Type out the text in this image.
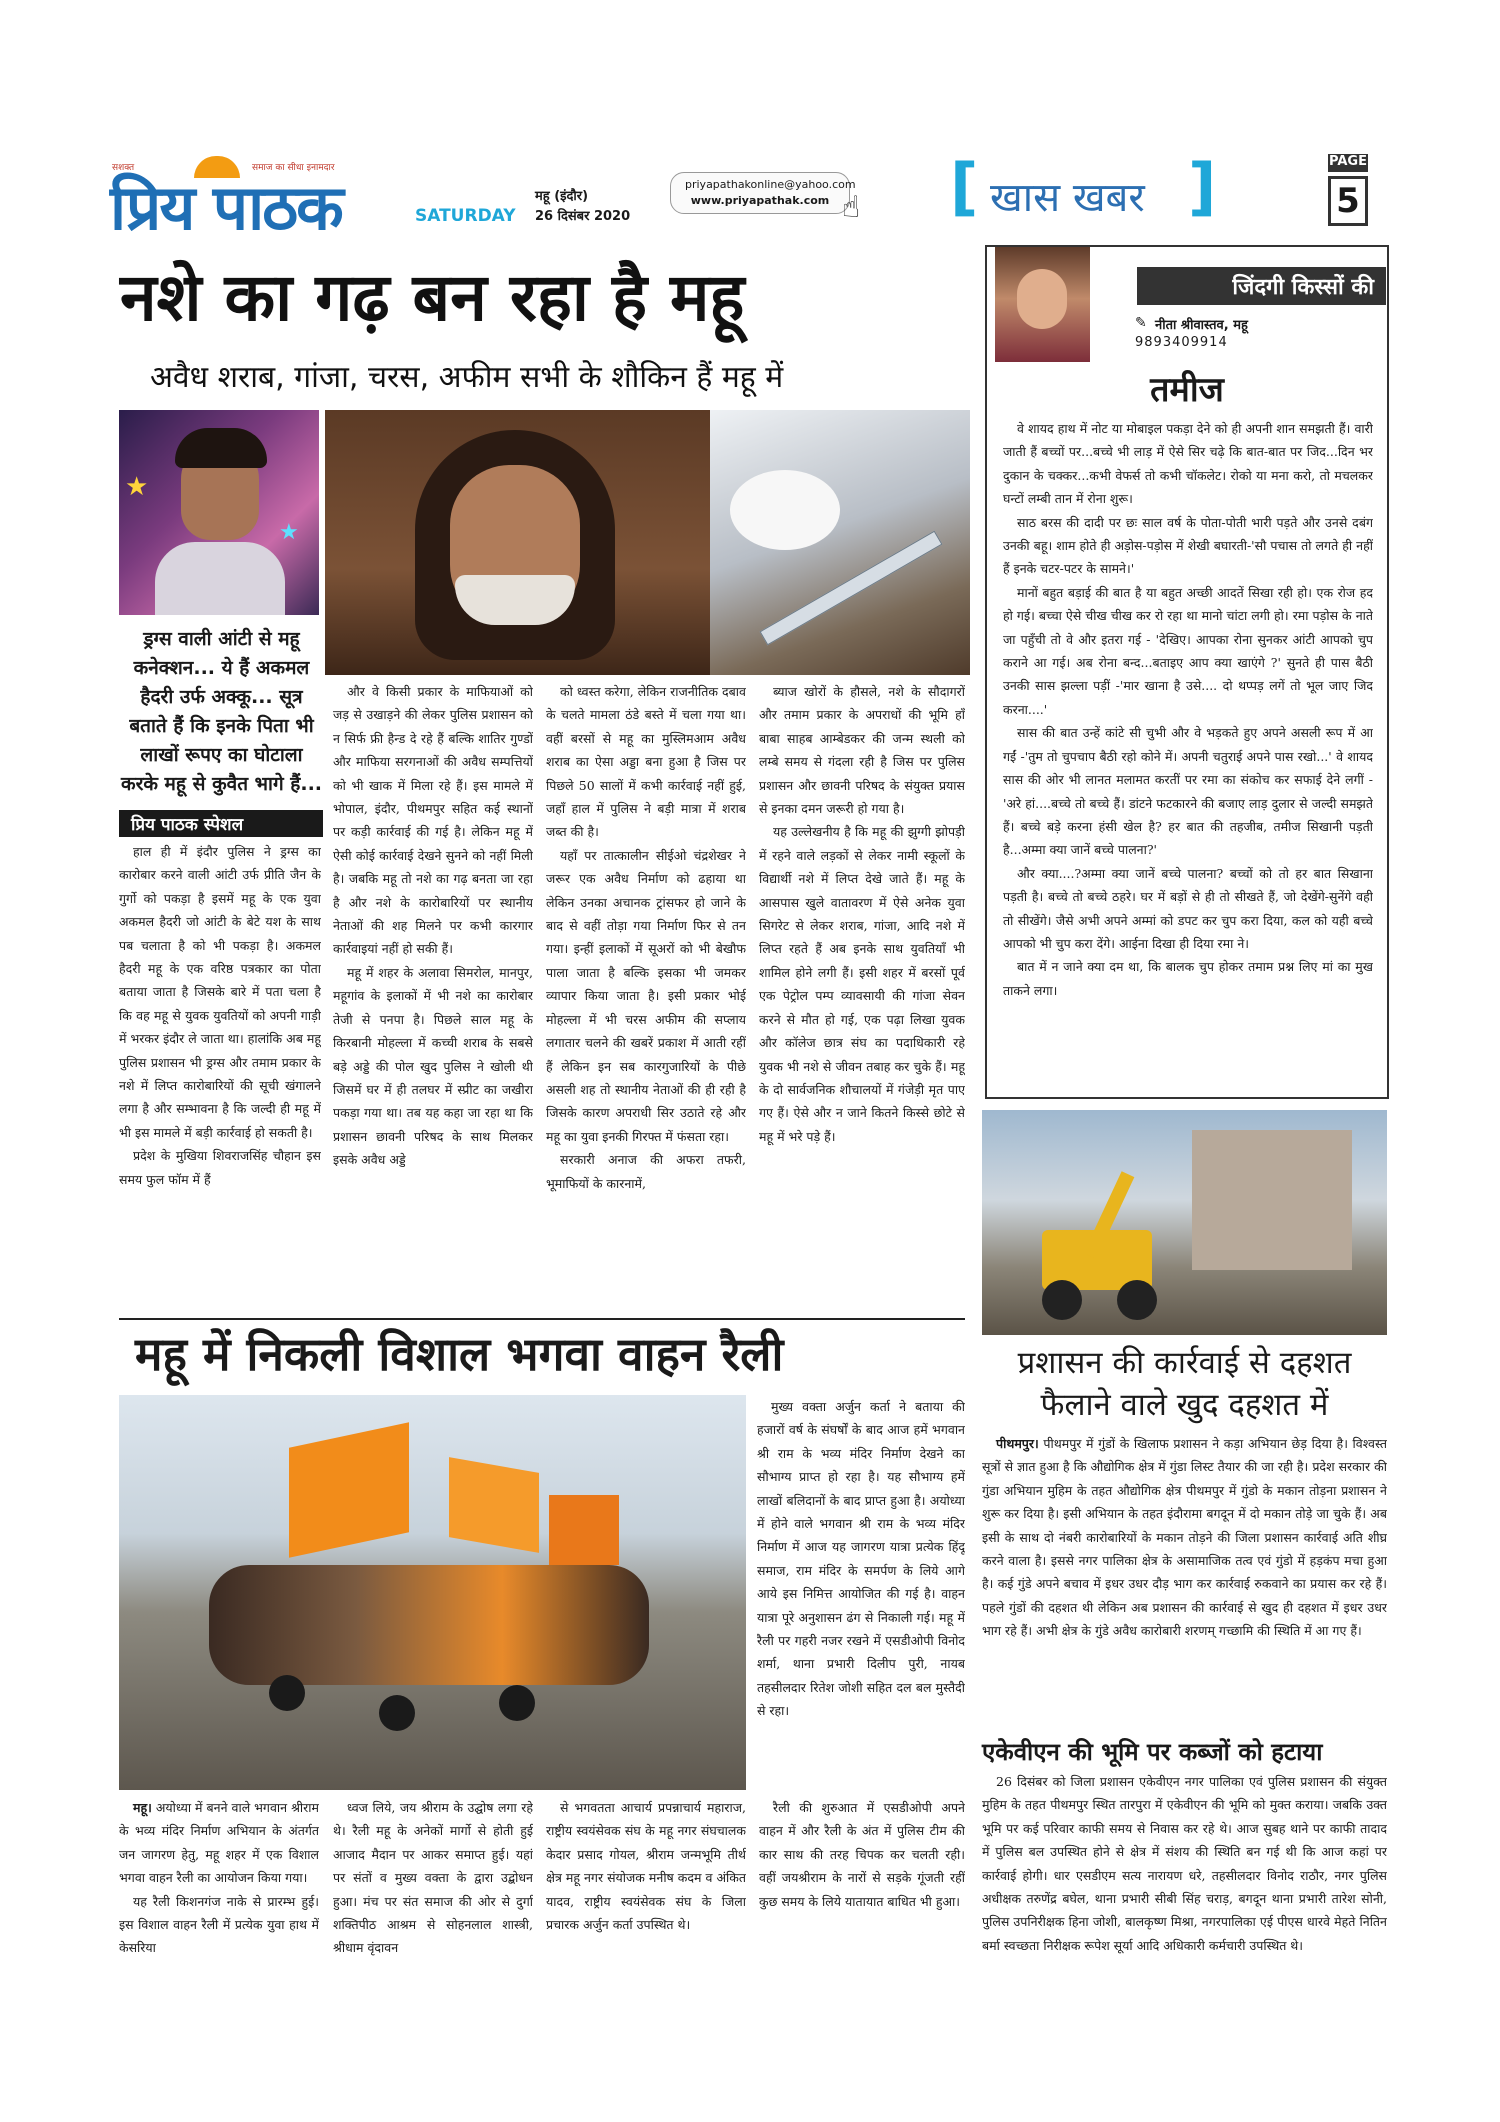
सशक्त	समाज का सीधा इनामदार
प्रिय पाठक	SATURDAY
महू (इंदौर)
26 दिसंबर 2020
priyapathakonline@yahoo.com
www.priyapathak.com ☝ [ खास खबर ]	PAGE
5
नशे का गढ़ बन रहा है महू
अवैध शराब, गांजा, चरस, अफीम सभी के शौकिन हैं महू में
★
★
ड्रग्स वाली आंटी से महू कनेक्शन... ये हैं अकमल हैदरी उर्फ अक्कू... सूत्र बताते हैं कि इनके पिता भी लाखों रूपए का घोटाला करके महू से कुवैत भागे हैं...
प्रिय पाठक स्पेशल

हाल ही में इंदौर पुलिस ने ड्रग्स का कारोबार करने वाली आंटी उर्फ प्रीति जैन के गुर्गो को पकड़ा है इसमें महू के एक युवा अकमल हैदरी जो आंटी के बेटे यश के साथ पब चलाता है को भी पकड़ा है। अकमल हैदरी महू के एक वरिष्ठ पत्रकार का पोता बताया जाता है जिसके बारे में पता चला है कि वह महू से युवक युवतियों को अपनी गाड़ी में भरकर इंदौर ले जाता था। हालांकि अब महू पुलिस प्रशासन भी ड्रग्स और तमाम प्रकार के नशे में लिप्त कारोबारियों की सूची खंगालने लगा है और सम्भावना है कि जल्दी ही महू में भी इस मामले में बड़ी कार्रवाई हो सकती है।

प्रदेश के मुखिया शिवराजसिंह चौहान इस समय फुल फॉम में हैं

और वे किसी प्रकार के माफियाओं को जड़ से उखाड़ने की लेकर पुलिस प्रशासन को न सिर्फ फ्री हैन्ड दे रहे हैं बल्कि शातिर गुण्डों और माफिया सरगनाओं की अवैध सम्पत्तियों को भी खाक में मिला रहे हैं। इस मामले में भोपाल, इंदौर, पीथमपुर सहित कई स्थानों पर कड़ी कार्रवाई की गई है। लेकिन महू में ऐसी कोई कार्रवाई देखने सुनने को नहीं मिली है। जबकि महू तो नशे का गढ़ बनता जा रहा है और नशे के कारोबारियों पर स्थानीय नेताओं की शह मिलने पर कभी कारगार कार्रवाइयां नहीं हो सकी हैं।

महू में शहर के अलावा सिमरोल, मानपुर, महूगांव के इलाकों में भी नशे का कारोबार तेजी से पनपा है। पिछले साल महू के किरबानी मोहल्ला में कच्ची शराब के सबसे बड़े अड्डे की पोल खुद पुलिस ने खोली थी जिसमें घर में ही तलघर में स्प्रीट का जखीरा पकड़ा गया था। तब यह कहा जा रहा था कि प्रशासन छावनी परिषद के साथ मिलकर इसके अवैध अड्डे

को ध्वस्त करेगा, लेकिन राजनीतिक दबाव के चलते मामला ठंडे बस्ते में चला गया था। वहीं बरसों से महू का मुस्लिमआम अवैध शराब का ऐसा अड्डा बना हुआ है जिस पर पिछले 50 सालों में कभी कार्रवाई नहीं हुई, जहाँ हाल में पुलिस ने बड़ी मात्रा में शराब जब्त की है।

यहाँ पर तात्कालीन सीईओ चंद्रशेखर ने जरूर एक अवैध निर्माण को ढहाया था लेकिन उनका अचानक ट्रांसफर हो जाने के बाद से वहीं तोड़ा गया निर्माण फिर से तन गया। इन्हीं इलाकों में सूअरों को भी बेखौफ पाला जाता है बल्कि इसका भी जमकर व्यापार किया जाता है। इसी प्रकार भोई मोहल्ला में भी चरस अफीम की सप्लाय लगातार चलने की खबरें प्रकाश में आती रहीं हैं लेकिन इन सब कारगुजारियों के पीछे असली शह तो स्थानीय नेताओं की ही रही है जिसके कारण अपराधी सिर उठाते रहे और महू का युवा इनकी गिरफ्त में फंसता रहा।

सरकारी अनाज की अफरा तफरी, भूमाफियों के कारनामें,

ब्याज खोरों के हौसले, नशे के सौदागरों और तमाम प्रकार के अपराधों की भूमि हाँ बाबा साहब आम्बेडकर की जन्म स्थली को लम्बे समय से गंदला रही है जिस पर पुलिस प्रशासन और छावनी परिषद के संयुक्त प्रयास से इनका दमन जरूरी हो गया है।

यह उल्लेखनीय है कि महू की झुग्गी झोपड़ी में रहने वाले लड़कों से लेकर नामी स्कूलों के विद्यार्थी नशे में लिप्त देखे जाते हैं। महू के आसपास खुले वातावरण में ऐसे अनेक युवा सिगरेट से लेकर शराब, गांजा, आदि नशे में लिप्त रहते हैं अब इनके साथ युवतियाँ भी शामिल होने लगी हैं। इसी शहर में बरसों पूर्व एक पेट्रोल पम्प व्यावसायी की गांजा सेवन करने से मौत हो गई, एक पढ़ा लिखा युवक और कॉलेज छात्र संघ का पदाधिकारी रहे युवक भी नशे से जीवन तबाह कर चुके हैं। महू के दो सार्वजनिक शौचालयों में गंजेड़ी मृत पाए गए हैं। ऐसे और न जाने कितने किस्से छोटे से महू में भरे पड़े हैं।

जिंदगी किस्सों की
✎ नीता श्रीवास्तव, महू
9893409914
तमीज

वे शायद हाथ में नोट या मोबाइल पकड़ा देने को ही अपनी शान समझती हैं। वारी जाती हैं बच्चों पर...बच्चे भी लाड़ में ऐसे सिर चढ़े कि बात-बात पर जिद...दिन भर दुकान के चक्कर...कभी वेफर्स तो कभी चॉकलेट। रोको या मना करो, तो मचलकर घन्टों लम्बी तान में रोना शुरू।

साठ बरस की दादी पर छः साल वर्ष के पोता-पोती भारी पड़ते और उनसे दबंग उनकी बहू। शाम होते ही अड़ोस-पड़ोस में शेखी बघारती-'सौ पचास तो लगते ही नहीं हैं इनके चटर-पटर के सामने।'

मानों बहुत बड़ाई की बात है या बहुत अच्छी आदतें सिखा रही हो। एक रोज हद हो गई। बच्चा ऐसे चीख चीख कर रो रहा था मानो चांटा लगी हो। रमा पड़ोस के नाते जा पहुँची तो वे और इतरा गई - 'देखिए। आपका रोना सुनकर आंटी आपको चुप कराने आ गई। अब रोना बन्द...बताइए आप क्या खाएंगे ?' सुनते ही पास बैठी उनकी सास झल्ला पड़ीं -'मार खाना है उसे.... दो थप्पड़ लगें तो भूल जाए जिद करना....'

सास की बात उन्हें कांटे सी चुभी और वे भड़कते हुए अपने असली रूप में आ गईं -'तुम तो चुपचाप बैठी रहो कोने में। अपनी चतुराई अपने पास रखो...' वे शायद सास की ओर भी लानत मलामत करतीं पर रमा का संकोच कर सफाई देने लगीं - 'अरे हां....बच्चे तो बच्चे हैं। डांटने फटकारने की बजाए लाड़ दुलार से जल्दी समझते हैं। बच्चे बड़े करना हंसी खेल है? हर बात की तहजीब, तमीज सिखानी पड़ती है...अम्मा क्या जानें बच्चे पालना?'

और क्या....?अम्मा क्या जानें बच्चे पालना? बच्चों को तो हर बात सिखाना पड़ती है। बच्चे तो बच्चे ठहरे। घर में बड़ों से ही तो सीखते हैं, जो देखेंगे-सुनेंगे वही तो सीखेंगे। जैसे अभी अपने अम्मां को डपट कर चुप करा दिया, कल को यही बच्चे आपको भी चुप करा देंगे। आईना दिखा ही दिया रमा ने।

बात में न जाने क्या दम था, कि बालक चुप होकर तमाम प्रश्न लिए मां का मुख ताकने लगा।

महू में निकली विशाल भगवा वाहन रैली

मुख्य वक्ता अर्जुन कर्ता ने बताया की हजारों वर्ष के संघर्षों के बाद आज हमें भगवान श्री राम के भव्य मंदिर निर्माण देखने का सौभाग्य प्राप्त हो रहा है। यह सौभाग्य हमें लाखों बलिदानों के बाद प्राप्त हुआ है। अयोध्या में होने वाले भगवान श्री राम के भव्य मंदिर निर्माण में आज यह जागरण यात्रा प्रत्येक हिंदू समाज, राम मंदिर के समर्पण के लिये आगे आये इस निमित्त आयोजित की गई है। वाहन यात्रा पूरे अनुशासन ढंग से निकाली गई। महू में रैली पर गहरी नजर रखने में एसडीओपी विनोद शर्मा, थाना प्रभारी दिलीप पुरी, नायब तहसीलदार रितेश जोशी सहित दल बल मुस्तैदी से रहा।

महू। अयोध्या में बनने वाले भगवान श्रीराम के भव्य मंदिर निर्माण अभियान के अंतर्गत जन जागरण हेतु, महू शहर में एक विशाल भगवा वाहन रैली का आयोजन किया गया।

यह रैली किशनगंज नाके से प्रारम्भ हुई। इस विशाल वाहन रैली में प्रत्येक युवा हाथ में केसरिया

ध्वज लिये, जय श्रीराम के उद्घोष लगा रहे थे। रैली महू के अनेकों मार्गो से होती हुई आजाद मैदान पर आकर समाप्त हुई। यहां पर संतों व मुख्य वक्ता के द्वारा उद्बोधन हुआ। मंच पर संत समाज की ओर से दुर्गा शक्तिपीठ आश्रम से सोहनलाल शास्त्री, श्रीधाम वृंदावन

से भगवतता आचार्य प्रपन्नाचार्य महाराज, राष्ट्रीय स्वयंसेवक संघ के महू नगर संघचालक केदार प्रसाद गोयल, श्रीराम जन्मभूमि तीर्थ क्षेत्र महू नगर संयोजक मनीष कदम व अंकित यादव, राष्ट्रीय स्वयंसेवक संघ के जिला प्रचारक अर्जुन कर्ता उपस्थित थे।

रैली की शुरुआत में एसडीओपी अपने वाहन में और रैली के अंत में पुलिस टीम की कार साथ की तरह चिपक कर चलती रही। वहीं जयश्रीराम के नारों से सड़के गूंजती रहीं कुछ समय के लिये यातायात बाधित भी हुआ।

प्रशासन की कार्रवाई से दहशत फैलाने वाले खुद दहशत में

पीथमपुर। पीथमपुर में गुंडों के खिलाफ प्रशासन ने कड़ा अभियान छेड़ दिया है। विश्वस्त सूत्रों से ज्ञात हुआ है कि औद्योगिक क्षेत्र में गुंडा लिस्ट तैयार की जा रही है। प्रदेश सरकार की गुंडा अभियान मुहिम के तहत औद्योगिक क्षेत्र पीथमपुर में गुंडो के मकान तोड़ना प्रशासन ने शुरू कर दिया है। इसी अभियान के तहत इंदौरामा बगदून में दो मकान तोड़े जा चुके हैं। अब इसी के साथ दो नंबरी कारोबारियों के मकान तोड़ने की जिला प्रशासन कार्रवाई अति शीघ्र करने वाला है। इससे नगर पालिका क्षेत्र के असामाजिक तत्व एवं गुंडो में हड़कंप मचा हुआ है। कई गुंडे अपने बचाव में इधर उधर दौड़ भाग कर कार्रवाई रुकवाने का प्रयास कर रहे हैं। पहले गुंडों की दहशत थी लेकिन अब प्रशासन की कार्रवाई से खुद ही दहशत में इधर उधर भाग रहे हैं। अभी क्षेत्र के गुंडे अवैध कारोबारी शरणम् गच्छामि की स्थिति में आ गए हैं।

एकेवीएन की भूमि पर कब्जों को हटाया

26 दिसंबर को जिला प्रशासन एकेवीएन नगर पालिका एवं पुलिस प्रशासन की संयुक्त मुहिम के तहत पीथमपुर स्थित तारपुरा में एकेवीएन की भूमि को मुक्त कराया। जबकि उक्त भूमि पर कई परिवार काफी समय से निवास कर रहे थे। आज सुबह थाने पर काफी तादाद में पुलिस बल उपस्थित होने से क्षेत्र में संशय की स्थिति बन गई थी कि आज कहां पर कार्रवाई होगी। धार एसडीएम सत्य नारायण धरे, तहसीलदार विनोद राठौर, नगर पुलिस अधीक्षक तरुणेंद्र बघेल, थाना प्रभारी सीबी सिंह चराड़, बगदून थाना प्रभारी तारेश सोनी, पुलिस उपनिरीक्षक हिना जोशी, बालकृष्ण मिश्रा, नगरपालिका एई पीएस धारवे मेहते नितिन बर्मा स्वच्छता निरीक्षक रूपेश सूर्या आदि अधिकारी कर्मचारी उपस्थित थे।
